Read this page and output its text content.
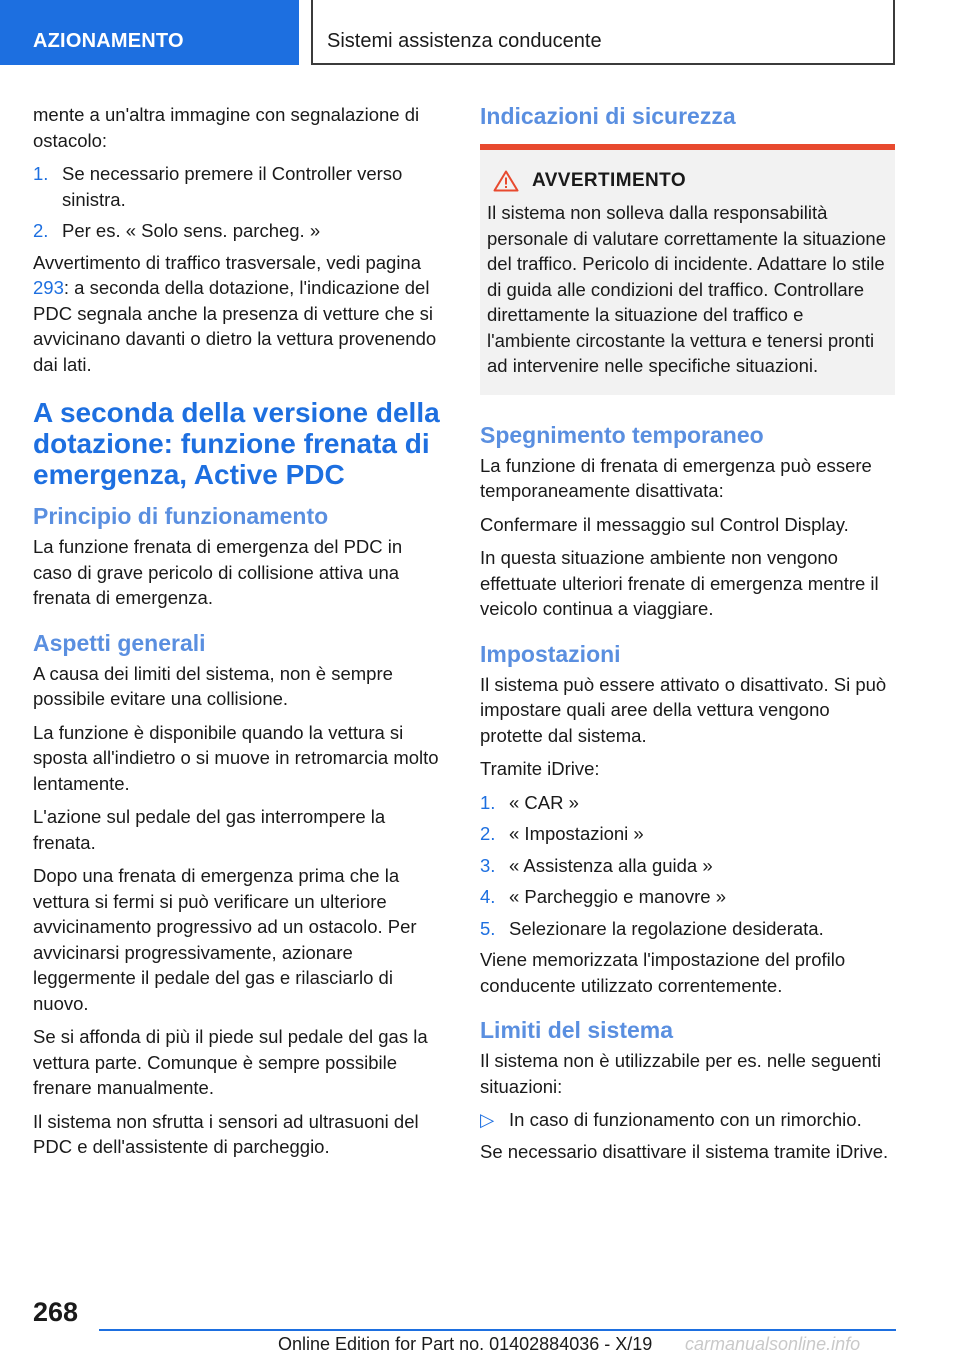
AZIONAMENTO	Sistemi assistenza conducente

mente a un'altra immagine con segnalazione di ostacolo:

1. Se necessario premere il Controller verso sinistra.
2. Per es. « Solo sens. parcheg. »

Avvertimento di traffico trasversale, vedi pagina 293: a seconda della dotazione, l'indicazione del PDC segnala anche la presenza di vetture che si avvicinano davanti o dietro la vettura provenendo dai lati.

A seconda della versione della dotazione: funzione frenata di emergenza, Active PDC
Principio di funzionamento

La funzione frenata di emergenza del PDC in caso di grave pericolo di collisione attiva una frenata di emergenza.

Aspetti generali

A causa dei limiti del sistema, non è sempre possibile evitare una collisione.

La funzione è disponibile quando la vettura si sposta all'indietro o si muove in retromarcia molto lentamente.

L'azione sul pedale del gas interrompere la frenata.

Dopo una frenata di emergenza prima che la vettura si fermi si può verificare un ulteriore avvicinamento progressivo ad un ostacolo. Per avvicinarsi progressivamente, azionare leggermente il pedale del gas e rilasciarlo di nuovo.

Se si affonda di più il piede sul pedale del gas la vettura parte. Comunque è sempre possibile frenare manualmente.

Il sistema non sfrutta i sensori ad ultrasuoni del PDC e dell'assistente di parcheggio.

Indicazioni di sicurezza
AVVERTIMENTO

Il sistema non solleva dalla responsabilità personale di valutare correttamente la situazione del traffico. Pericolo di incidente. Adattare lo stile di guida alle condizioni del traffico. Controllare direttamente la situazione del traffico e l'ambiente circostante la vettura e tenersi pronti ad intervenire nelle specifiche situazioni.

Spegnimento temporaneo

La funzione di frenata di emergenza può essere temporaneamente disattivata:

Confermare il messaggio sul Control Display.

In questa situazione ambiente non vengono effettuate ulteriori frenate di emergenza mentre il veicolo continua a viaggiare.

Impostazioni

Il sistema può essere attivato o disattivato. Si può impostare quali aree della vettura vengono protette dal sistema.

Tramite iDrive:

1. « CAR »
2. « Impostazioni »
3. « Assistenza alla guida »
4. « Parcheggio e manovre »
5. Selezionare la regolazione desiderata.

Viene memorizzata l'impostazione del profilo conducente utilizzato correntemente.

Limiti del sistema

Il sistema non è utilizzabile per es. nelle seguenti situazioni:

▷ In caso di funzionamento con un rimorchio.

Se necessario disattivare il sistema tramite iDrive.

268
Online Edition for Part no. 01402884036 - X/19 carmanualsonline.info
